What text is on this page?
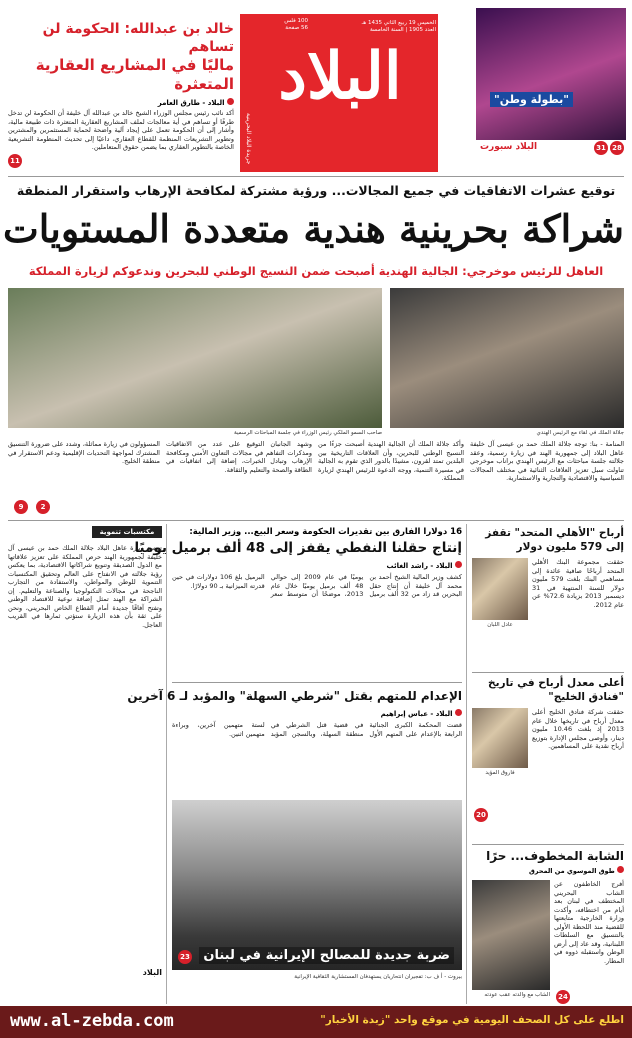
البلاد
جريدة البلاد البحرينية
الخميس 19 ربيع الثاني 1435 هـ
العدد 1905 | السنة الخامسة
100 فلس
56 صفحة
"بطولة وطن"
البلاد سبورت	31 28
خالد بن عبدالله: الحكومة لن تساهم
ماليًا في المشاريع العقارية المتعثرة
البلاد - طارق العامر
أكد نائب رئيس مجلس الوزراء الشيخ خالد بن عبدالله آل خليفة أن الحكومة لن تدخل طرفًا أو تساهم في أية معالجات لملف المشاريع العقارية المتعثرة ذات طبيعة مالية، وأشار إلى أن الحكومة تعمل على إيجاد آلية واضحة لحماية المستثمرين والمشترين وتطوير التشريعات المنظمة للقطاع العقاري، داعيًا إلى تحديث المنظومة التشريعية الخاصة بالتطوير العقاري بما يضمن حقوق المتعاملين.
11
توقيع عشرات الاتفاقيات في جميع المجالات... ورؤية مشتركة لمكافحة الإرهاب واستقرار المنطقة
شراكة بحرينية هندية متعددة المستويات
العاهل للرئيس موخرجي: الجالية الهندية أصبحت ضمن النسيج الوطني للبحرين وندعوكم لزيارة المملكة
جلالة الملك في لقاء مع الرئيس الهندي
صاحب السمو الملكي رئيس الوزراء في جلسة المباحثات الرسمية
المنامة - بنا: توجه جلالة الملك حمد بن عيسى آل خليفة عاهل البلاد إلى جمهورية الهند في زيارة رسمية، وعقد جلالته جلسة مباحثات مع الرئيس الهندي براناب موخرجي تناولت سبل تعزيز العلاقات الثنائية في مختلف المجالات السياسية والاقتصادية والتجارية والاستثمارية.
وأكد جلالة الملك أن الجالية الهندية أصبحت جزءًا من النسيج الوطني للبحرين، وأن العلاقات التاريخية بين البلدين تمتد لقرون، مشيدًا بالدور الذي تقوم به الجالية في مسيرة التنمية، ووجه الدعوة للرئيس الهندي لزيارة المملكة.
وشهد الجانبان التوقيع على عدد من الاتفاقيات ومذكرات التفاهم في مجالات التعاون الأمني ومكافحة الإرهاب وتبادل الخبرات، إضافة إلى اتفاقيات في الطاقة والصحة والتعليم والثقافة.
المسؤولون في زيارة مماثلة، وشدد على ضرورة التنسيق المشترك لمواجهة التحديات الإقليمية ودعم الاستقرار في منطقة الخليج.
2
9
أرباح "الأهلي المتحد" تقفز
إلى 579 مليون دولار
عادل اللبان
حققت مجموعة البنك الأهلي المتحد أرباحًا صافية عائدة إلى مساهمي البنك بلغت 579 مليون دولار للسنة المنتهية في 31 ديسمبر 2013 بزيادة 72.6% عن عام 2012.
أعلى معدل أرباح في تاريخ
"فنادق الخليج"
فاروق المؤيد
حققت شركة فنادق الخليج أعلى معدل أرباح في تاريخها خلال عام 2013 إذ بلغت 10.46 مليون دينار، وأوصى مجلس الإدارة بتوزيع أرباح نقدية على المساهمين.
20
الشابة المخطوف... حرًا
طوق الموسوي من المحرق
أفرج الخاطفون عن الشاب البحريني المختطف في لبنان بعد أيام من اختطافه، وأكدت وزارة الخارجية متابعتها للقضية منذ اللحظة الأولى بالتنسيق مع السلطات اللبنانية، وقد عاد إلى أرض الوطن واستقبله ذووه في المطار.
الشاب مع والدته عقب عودته	24
16 دولارا الفارق بين تقديرات الحكومة وسعر البيع... وزير المالية:
إنتاج حقلنا النفطي يقفز إلى 48 ألف برميل يوميًا
البلاد - راشد الغائب
كشف وزير المالية الشيخ أحمد بن محمد آل خليفة أن إنتاج حقل البحرين قد زاد من 32 ألف برميل يوميًا في عام 2009 إلى حوالي 48 ألف برميل يوميًا خلال عام 2013، موضحًا أن متوسط سعر البرميل بلغ 106 دولارات في حين قدرته الميزانية بـ 90 دولارًا.
الإعدام للمتهم بقتل "شرطي السهلة" والمؤبد لـ 6 آخرين
البلاد - عباس إبراهيم
قضت المحكمة الكبرى الجنائية الرابعة بالإعدام على المتهم الأول في قضية قتل الشرطي في منطقة السهلة، وبالسجن المؤبد لستة متهمين آخرين، وبراءة متهمين اثنين.
ضربة جديدة للمصالح الإيرانية في لبنان
23
بيروت - أ ف ب: تفجيران انتحاريان يستهدفان المستشارية الثقافية الإيرانية
مكتسبات تنموية
تجسد زيارة عاهل البلاد جلالة الملك حمد بن عيسى آل خليفة لجمهورية الهند حرص المملكة على تعزيز علاقاتها مع الدول الصديقة وتنويع شراكاتها الاقتصادية، بما يعكس رؤية جلالته في الانفتاح على العالم وتحقيق المكتسبات التنموية للوطن والمواطن، والاستفادة من التجارب الناجحة في مجالات التكنولوجيا والصناعة والتعليم. إن الشراكة مع الهند تمثل إضافة نوعية للاقتصاد الوطني وتفتح آفاقًا جديدة أمام القطاع الخاص البحريني، ونحن على ثقة بأن هذه الزيارة ستؤتي ثمارها في القريب العاجل.
البلاد
www.al-zebda.com	اطلع على كل الصحف اليومية في موقع واحد "زبدة الأخبار"
